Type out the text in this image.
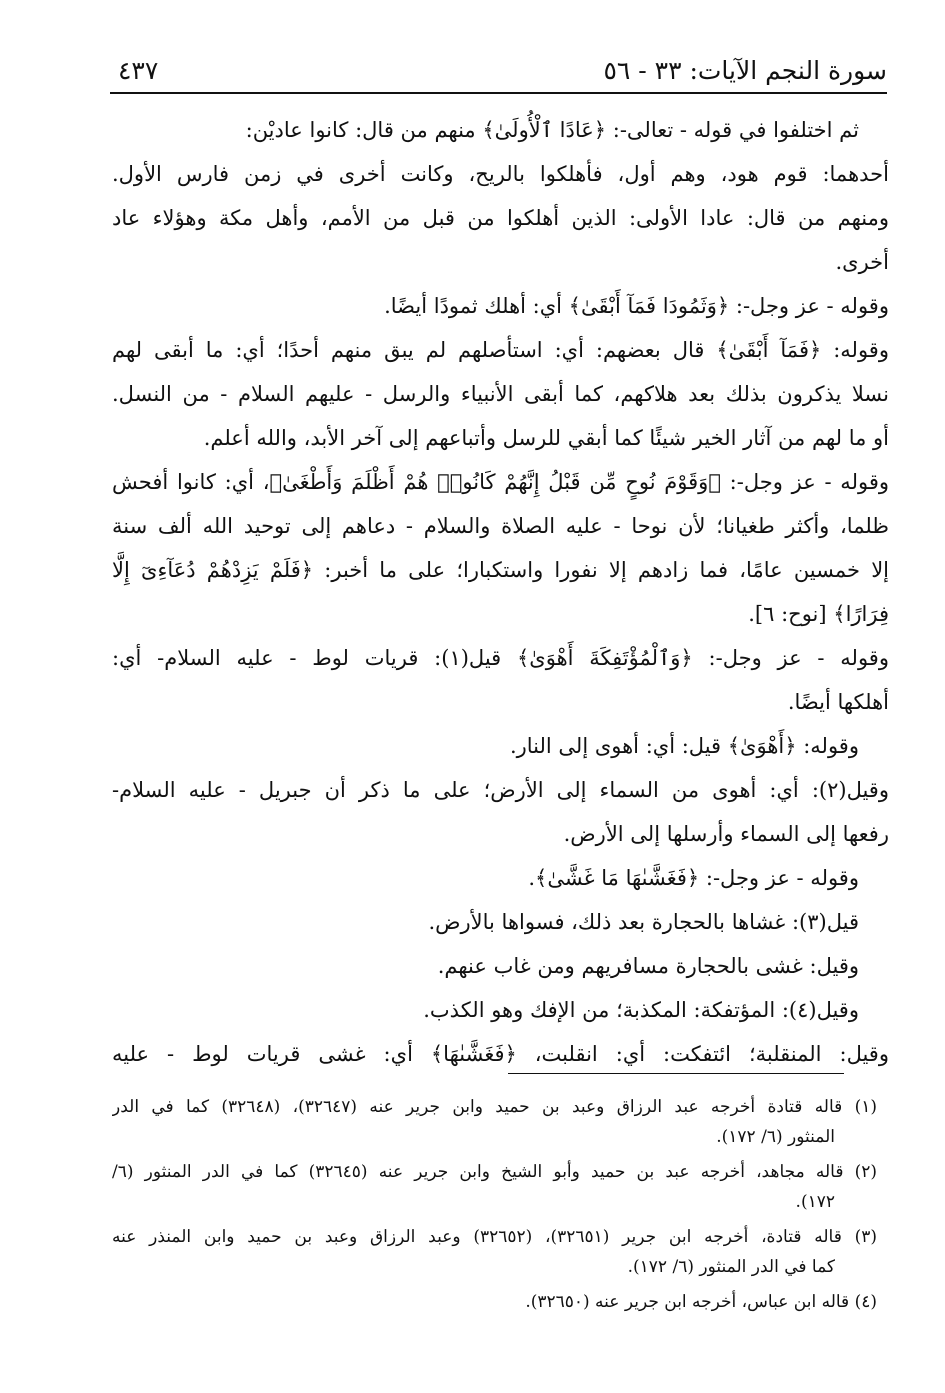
سورة النجم الآيات: ٣٣ - ٥٦
٤٣٧
ثم اختلفوا في قوله - تعالى-: ﴿عَادًا ٱلْأُولَىٰ﴾ منهم من قال: كانوا عاديْن:
أحدهما: قوم هود، وهم أول، فأهلكوا بالريح، وكانت أخرى في زمن فارس الأول.
ومنهم من قال: عادا الأولى: الذين أهلكوا من قبل من الأمم، وأهل مكة وهؤلاء عاد
أخرى.
وقوله - عز وجل-: ﴿وَثَمُودَا فَمَآ أَبْقَىٰ﴾ أي: أهلك ثمودًا أيضًا.
وقوله: ﴿فَمَآ أَبْقَىٰ﴾ قال بعضهم: أي: استأصلهم لم يبق منهم أحدًا؛ أي: ما أبقى لهم
نسلا يذكرون بذلك بعد هلاكهم، كما أبقى الأنبياء والرسل - عليهم السلام - من النسل.
أو ما لهم من آثار الخير شيئًا كما أبقي للرسل وأتباعهم إلى آخر الأبد، والله أعلم.
وقوله - عز وجل-: ﴿وَقَوْمَ نُوحٍ مِّن قَبْلُ إِنَّهُمْ كَانُوا۟ هُمْ أَظْلَمَ وَأَطْغَىٰ﴾، أي: كانوا أفحش
ظلما، وأكثر طغيانا؛ لأن نوحا - عليه الصلاة والسلام - دعاهم إلى توحيد الله ألف سنة
إلا خمسين عامًا، فما زادهم إلا نفورا واستكبارا؛ على ما أخبر: ﴿فَلَمْ يَزِدْهُمْ دُعَآءِىٓ إِلَّا
فِرَارًا﴾ [نوح: ٦].
وقوله - عز وجل-: ﴿وَٱلْمُؤْتَفِكَةَ أَهْوَىٰ﴾ قيل(١): قريات لوط - عليه السلام- أي:
أهلكها أيضًا.
وقوله: ﴿أَهْوَىٰ﴾ قيل: أي: أهوى إلى النار.
وقيل(٢): أي: أهوى من السماء إلى الأرض؛ على ما ذكر أن جبريل - عليه السلام-
رفعها إلى السماء وأرسلها إلى الأرض.
وقوله - عز وجل-: ﴿فَغَشَّىٰهَا مَا غَشَّىٰ﴾.
قيل(٣): غشاها بالحجارة بعد ذلك، فسواها بالأرض.
وقيل: غشى بالحجارة مسافريهم ومن غاب عنهم.
وقيل(٤): المؤتفكة: المكذبة؛ من الإفك وهو الكذب.
وقيل: المنقلبة؛ ائتفكت: أي: انقلبت، ﴿فَغَشَّىٰهَا﴾ أي: غشى قريات لوط - عليه
(١) قاله قتادة أخرجه عبد الرزاق وعبد بن حميد وابن جرير عنه (٣٢٦٤٧)، (٣٢٦٤٨) كما في الدر
المنثور (٦/ ١٧٢).
(٢) قاله مجاهد، أخرجه عبد بن حميد وأبو الشيخ وابن جرير عنه (٣٢٦٤٥) كما في الدر المنثور (٦/
١٧٢).
(٣) قاله قتادة، أخرجه ابن جرير (٣٢٦٥١)، (٣٢٦٥٢) وعبد الرزاق وعبد بن حميد وابن المنذر عنه
كما في الدر المنثور (٦/ ١٧٢).
(٤) قاله ابن عباس، أخرجه ابن جرير عنه (٣٢٦٥٠).
